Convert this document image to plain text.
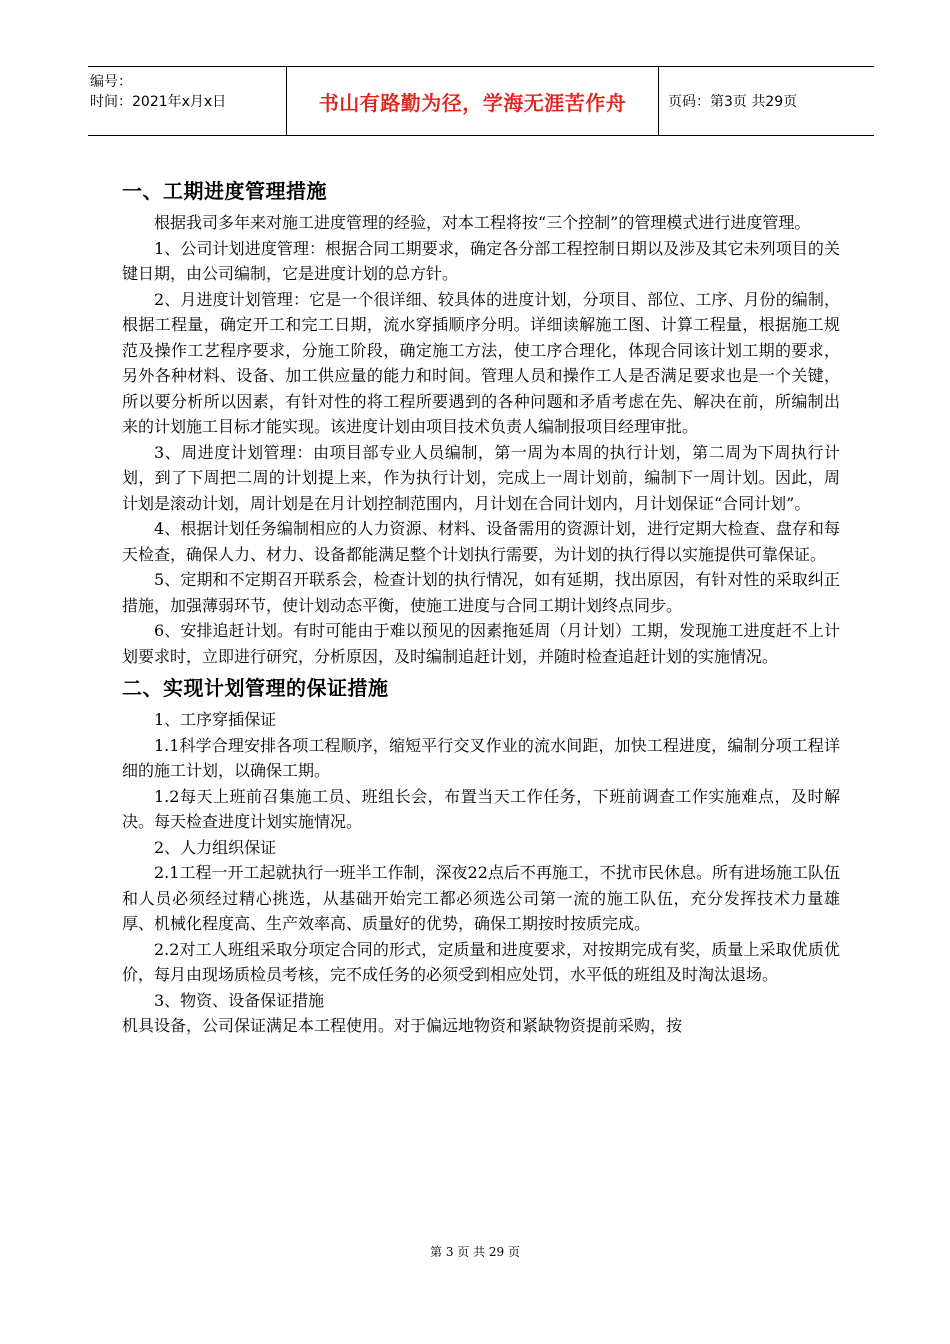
编号：
时间：2021年x月x日	书山有路勤为径，学海无涯苦作舟	页码：第3页 共29页
一、工期进度管理措施

根据我司多年来对施工进度管理的经验，对本工程将按“三个控制”的管理模式进行进度管理。

1、公司计划进度管理：根据合同工期要求，确定各分部工程控制日期以及涉及其它未列项目的关键日期，由公司编制，它是进度计划的总方针。

2、月进度计划管理：它是一个很详细、较具体的进度计划，分项目、部位、工序、月份的编制，根据工程量，确定开工和完工日期，流水穿插顺序分明。详细读解施工图、计算工程量，根据施工规范及操作工艺程序要求，分施工阶段，确定施工方法，使工序合理化，体现合同该计划工期的要求，另外各种材料、设备、加工供应量的能力和时间。管理人员和操作工人是否满足要求也是一个关键，所以要分析所以因素，有针对性的将工程所要遇到的各种问题和矛盾考虑在先、解决在前，所编制出来的计划施工目标才能实现。该进度计划由项目技术负责人编制报项目经理审批。

3、周进度计划管理：由项目部专业人员编制，第一周为本周的执行计划，第二周为下周执行计划，到了下周把二周的计划提上来，作为执行计划，完成上一周计划前，编制下一周计划。因此，周计划是滚动计划，周计划是在月计划控制范围内，月计划在合同计划内，月计划保证“合同计划”。

4、根据计划任务编制相应的人力资源、材料、设备需用的资源计划，进行定期大检查、盘存和每天检查，确保人力、材力、设备都能满足整个计划执行需要，为计划的执行得以实施提供可靠保证。

5、定期和不定期召开联系会，检查计划的执行情况，如有延期，找出原因，有针对性的采取纠正措施，加强薄弱环节，使计划动态平衡，使施工进度与合同工期计划终点同步。

6、安排追赶计划。有时可能由于难以预见的因素拖延周（月计划）工期，发现施工进度赶不上计划要求时，立即进行研究，分析原因，及时编制追赶计划，并随时检查追赶计划的实施情况。

二、实现计划管理的保证措施

1、工序穿插保证

1.1科学合理安排各项工程顺序，缩短平行交叉作业的流水间距，加快工程进度，编制分项工程详细的施工计划，以确保工期。

1.2每天上班前召集施工员、班组长会，布置当天工作任务，下班前调查工作实施难点，及时解决。每天检查进度计划实施情况。

2、人力组织保证

2.1工程一开工起就执行一班半工作制，深夜22点后不再施工，不扰市民休息。所有进场施工队伍和人员必须经过精心挑选，从基础开始完工都必须选公司第一流的施工队伍，充分发挥技术力量雄厚、机械化程度高、生产效率高、质量好的优势，确保工期按时按质完成。

2.2对工人班组采取分项定合同的形式，定质量和进度要求，对按期完成有奖，质量上采取优质优价，每月由现场质检员考核，完不成任务的必须受到相应处罚，水平低的班组及时淘汰退场。

3、物资、设备保证措施

机具设备，公司保证满足本工程使用。对于偏远地物资和紧缺物资提前采购，按

第 3 页 共 29 页
